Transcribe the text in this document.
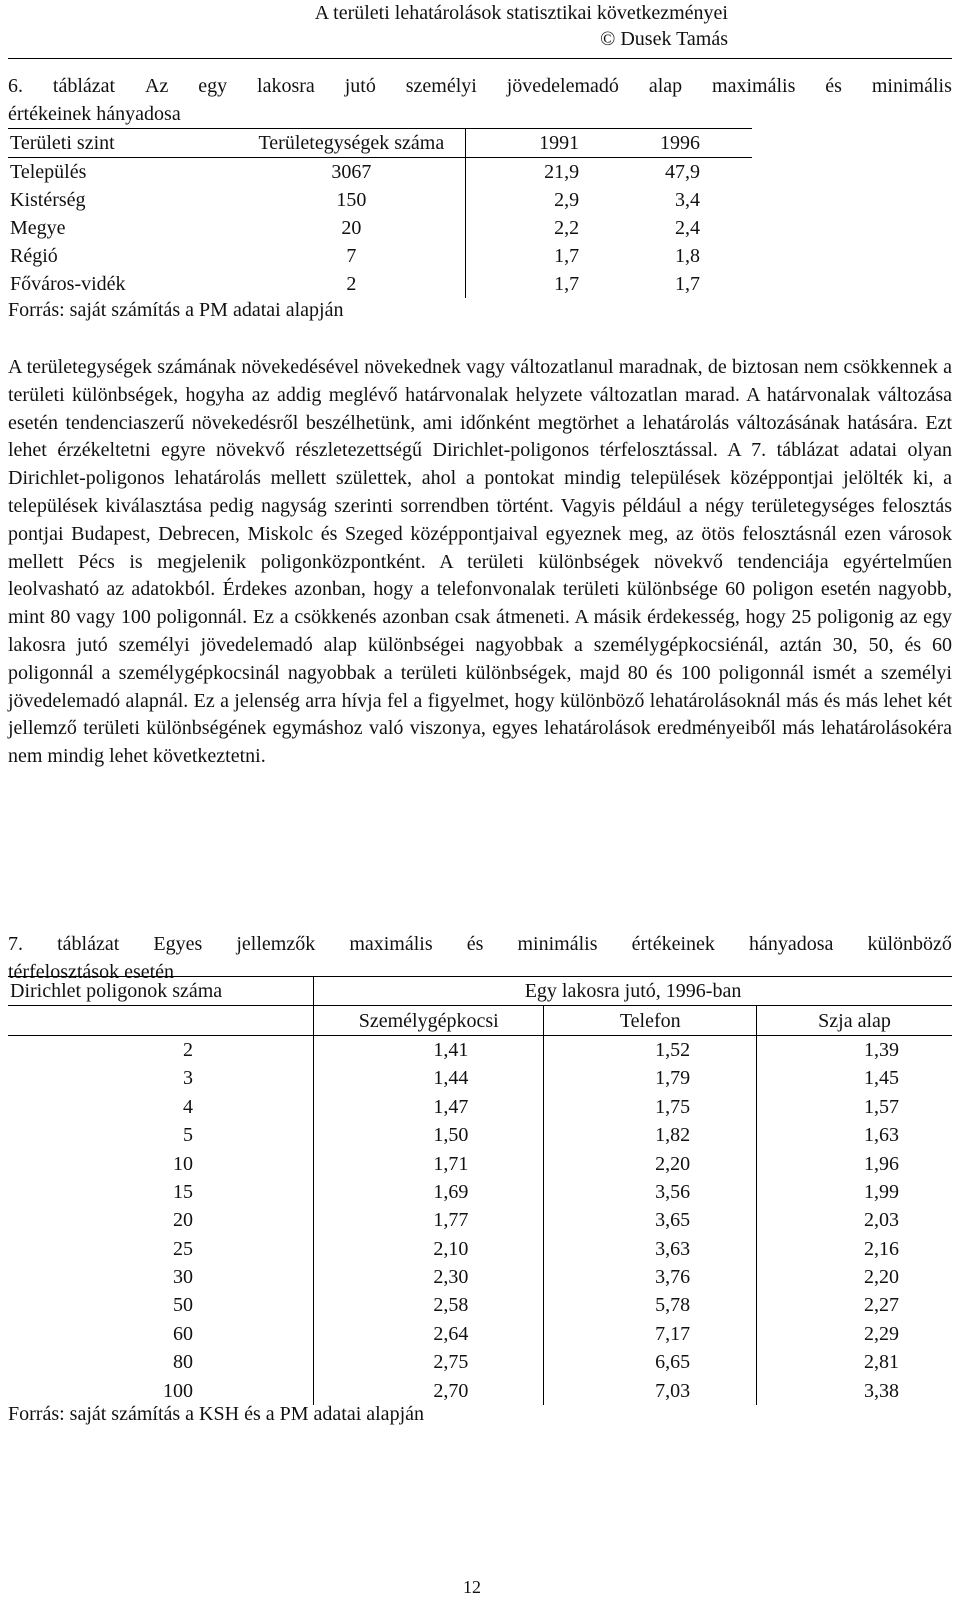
A területi lehatárolások statisztikai következményei
© Dusek Tamás
6. táblázat Az egy lakosra jutó személyi jövedelemadó alap maximális és minimális
értékeinek hányadosa
Területi szint	Területegységek száma	1991	1996
Település	3067	21,9	47,9
Kistérség	150	2,9	3,4
Megye	20	2,2	2,4
Régió	7	1,7	1,8
Főváros-vidék	2	1,7	1,7
Forrás: saját számítás a PM adatai alapján
A területegységek számának növekedésével növekednek vagy változatlanul maradnak, de biztosan nem csökkennek a területi különbségek, hogyha az addig meglévő határvonalak helyzete változatlan marad. A határvonalak változása esetén tendenciaszerű növekedésről beszélhetünk, ami időnként megtörhet a lehatárolás változásának hatására. Ezt lehet érzékeltetni egyre növekvő részletezettségű Dirichlet-poligonos térfelosztással. A 7. táblázat adatai olyan Dirichlet-poligonos lehatárolás mellett születtek, ahol a pontokat mindig települések középpontjai jelölték ki, a települések kiválasztása pedig nagyság szerinti sorrendben történt. Vagyis például a négy területegységes felosztás pontjai Budapest, Debrecen, Miskolc és Szeged középpontjaival egyeznek meg, az ötös felosztásnál ezen városok mellett Pécs is megjelenik poligonközpontként. A területi különbségek növekvő tendenciája egyértelműen leolvasható az adatokból. Érdekes azonban, hogy a telefonvonalak területi különbsége 60 poligon esetén nagyobb, mint 80 vagy 100 poligonnál. Ez a csökkenés azonban csak átmeneti. A másik érdekesség, hogy 25 poligonig az egy lakosra jutó személyi jövedelemadó alap különbségei nagyobbak a személygépkocsiénál, aztán 30, 50, és 60 poligonnál a személygépkocsinál nagyobbak a területi különbségek, majd 80 és 100 poligonnál ismét a személyi jövedelemadó alapnál. Ez a jelenség arra hívja fel a figyelmet, hogy különböző lehatárolásoknál más és más lehet két jellemző területi különbségének egymáshoz való viszonya, egyes lehatárolások eredményeiből más lehatárolásokéra nem mindig lehet következtetni.
7. táblázat Egyes jellemzők maximális és minimális értékeinek hányadosa különböző
térfelosztások esetén
Dirichlet poligonok száma	Egy lakosra jutó, 1996-ban		
	Személygépkocsi	Telefon	Szja alap
2	1,41	1,52	1,39
3	1,44	1,79	1,45
4	1,47	1,75	1,57
5	1,50	1,82	1,63
10	1,71	2,20	1,96
15	1,69	3,56	1,99
20	1,77	3,65	2,03
25	2,10	3,63	2,16
30	2,30	3,76	2,20
50	2,58	5,78	2,27
60	2,64	7,17	2,29
80	2,75	6,65	2,81
100	2,70	7,03	3,38
Forrás: saját számítás a KSH és a PM adatai alapján
12
